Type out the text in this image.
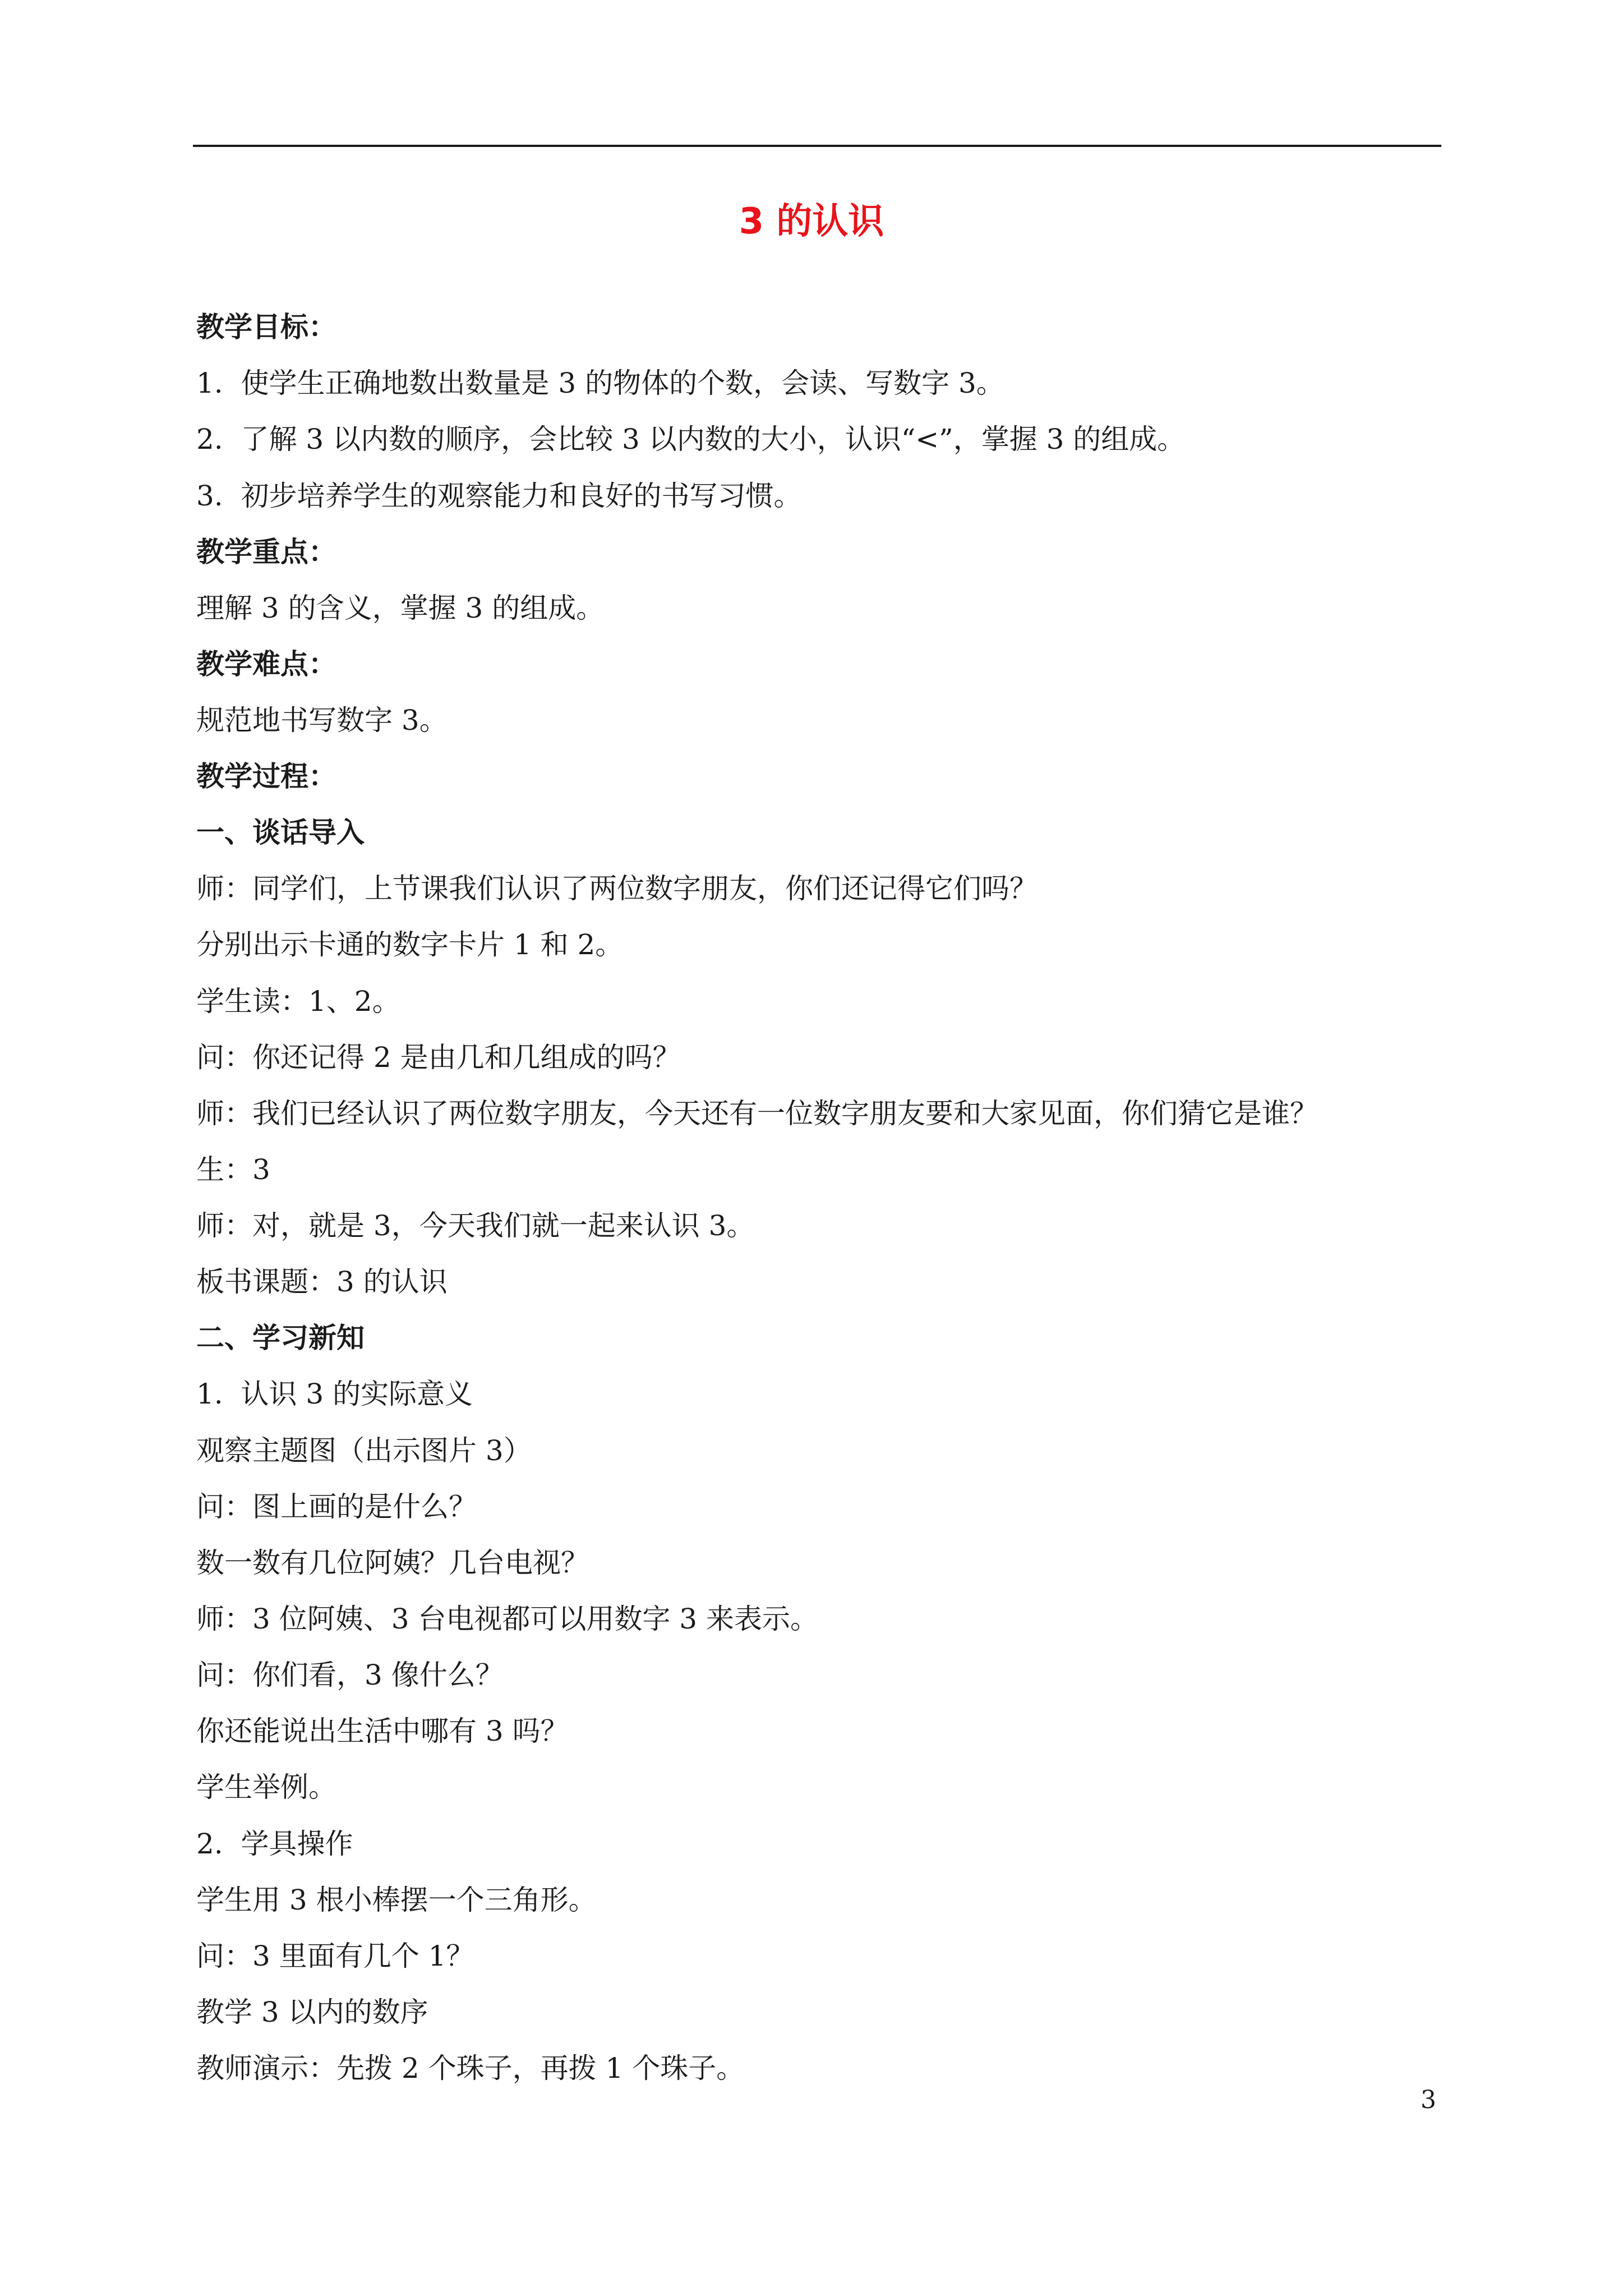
3 的认识
教学目标：
1.  使学生正确地数出数量是 3 的物体的个数，会读、写数字 3。
2.  了解 3 以内数的顺序，会比较 3 以内数的大小，认识“<”，掌握 3 的组成。
3.  初步培养学生的观察能力和良好的书写习惯。
教学重点：
理解 3 的含义，掌握 3 的组成。
教学难点：
规范地书写数字 3。
教学过程：
一、谈话导入
师：同学们，上节课我们认识了两位数字朋友，你们还记得它们吗？
分别出示卡通的数字卡片 1 和 2。
学生读：1、2。
问：你还记得 2 是由几和几组成的吗？
师：我们已经认识了两位数字朋友，今天还有一位数字朋友要和大家见面，你们猜它是谁？
生：3
师：对，就是 3，今天我们就一起来认识 3。
板书课题：3 的认识
二、学习新知
1.  认识 3 的实际意义
观察主题图（出示图片 3）
问：图上画的是什么？
数一数有几位阿姨？几台电视？
师：3 位阿姨、3 台电视都可以用数字 3 来表示。
问：你们看，3 像什么？
你还能说出生活中哪有 3 吗？
学生举例。
2.  学具操作
学生用 3 根小棒摆一个三角形。
问：3 里面有几个 1？
教学 3 以内的数序
教师演示：先拨 2 个珠子，再拨 1 个珠子。
3
